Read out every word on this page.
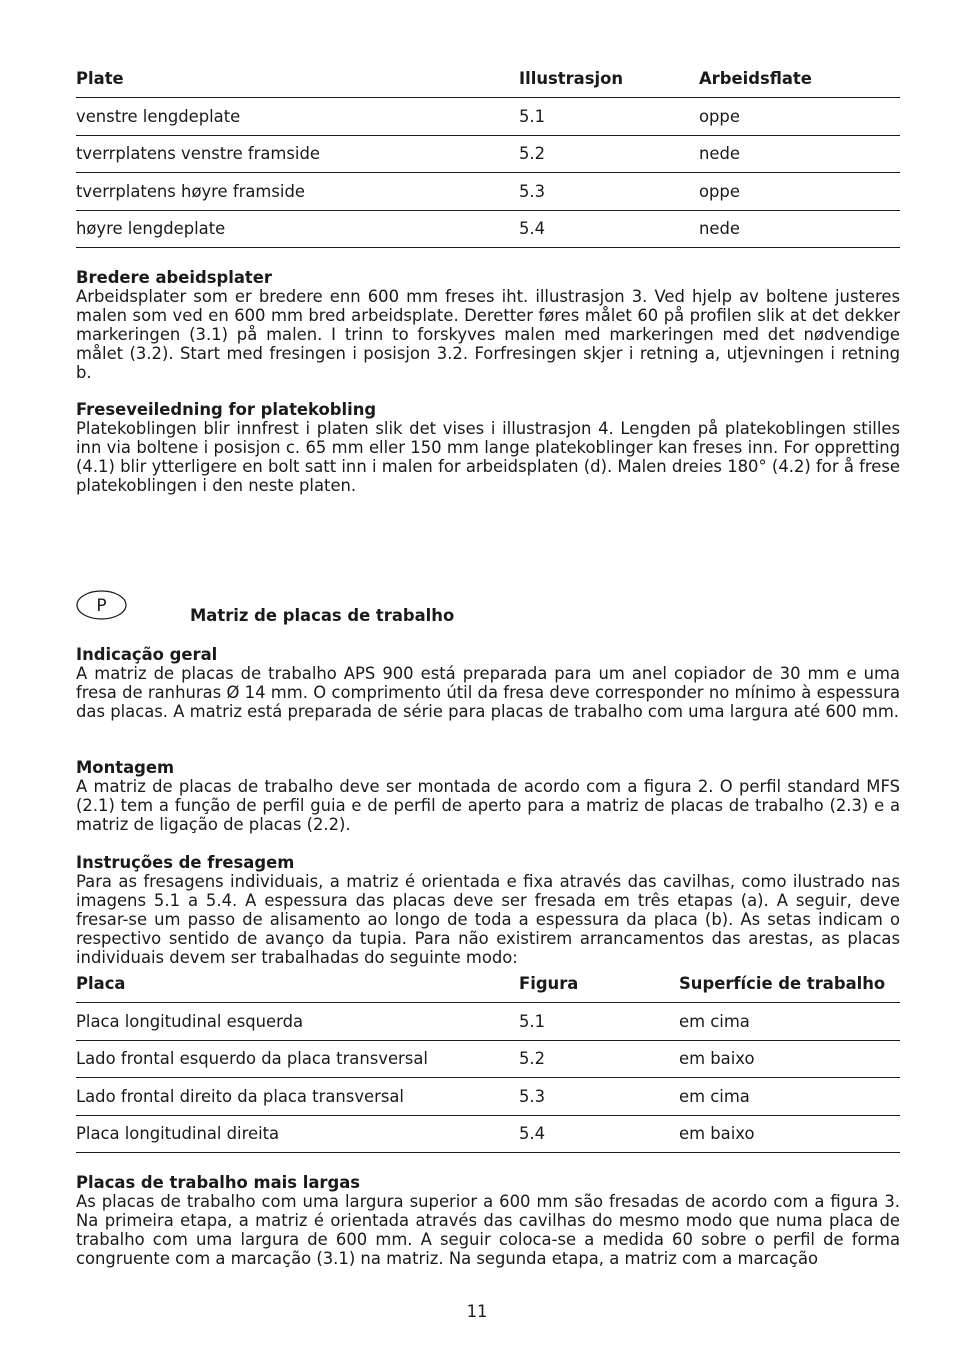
Plate	Illustrasjon	Arbeidsflate
venstre lengdeplate	5.1	oppe
tverrplatens venstre framside	5.2	nede
tverrplatens høyre framside	5.3	oppe
høyre lengdeplate	5.4	nede

Bredere abeidsplater
Arbeidsplater som er bredere enn 600 mm freses iht. illustrasjon 3. Ved hjelp av boltene justeres malen som ved en 600 mm bred arbeidsplate. Deretter føres målet 60 på profilen slik at det dekker markeringen (3.1) på malen. I trinn to forskyves malen med markeringen med det nødvendige målet (3.2). Start med fresingen i posisjon 3.2. Forfresingen skjer i retning a, utjevningen i retning b.

Freseveiledning for platekobling
Platekoblingen blir innfrest i platen slik det vises i illustrasjon 4. Lengden på platekoblingen stilles inn via boltene i posisjon c. 65 mm eller 150 mm lange platekoblinger kan freses inn. For oppretting (4.1) blir ytterligere en bolt satt inn i malen for arbeidsplaten (d). Malen dreies 180° (4.2) for å frese platekoblingen i den neste platen.

P	Matriz de placas de trabalho

Indicação geral
A matriz de placas de trabalho APS 900 está preparada para um anel copiador de 30 mm e uma fresa de ranhuras Ø 14 mm. O comprimento útil da fresa deve corresponder no mínimo à espessura das placas. A matriz está preparada de série para placas de trabalho com uma largura até 600 mm.

Montagem
A matriz de placas de trabalho deve ser montada de acordo com a figura 2. O perfil standard MFS (2.1) tem a função de perfil guia e de perfil de aperto para a matriz de placas de trabalho (2.3) e a matriz de ligação de placas (2.2).

Instruções de fresagem
Para as fresagens individuais, a matriz é orientada e fixa através das cavilhas, como ilustrado nas imagens 5.1 a 5.4. A espessura das placas deve ser fresada em três etapas (a). A seguir, deve fresar-se um passo de alisamento ao longo de toda a espessura da placa (b). As setas indicam o respectivo sentido de avanço da tupia. Para não existirem arrancamentos das arestas, as placas individuais devem ser trabalhadas do seguinte modo:

Placa	Figura	Superfície de trabalho
Placa longitudinal esquerda	5.1	em cima
Lado frontal esquerdo da placa transversal	5.2	em baixo
Lado frontal direito da placa transversal	5.3	em cima
Placa longitudinal direita	5.4	em baixo

Placas de trabalho mais largas
As placas de trabalho com uma largura superior a 600 mm são fresadas de acordo com a figura 3. Na primeira etapa, a matriz é orientada através das cavilhas do mesmo modo que numa placa de trabalho com uma largura de 600 mm. A seguir coloca-se a medida 60 sobre o perfil de forma congruente com a marcação (3.1) na matriz. Na segunda etapa, a matriz com a marcação

11
